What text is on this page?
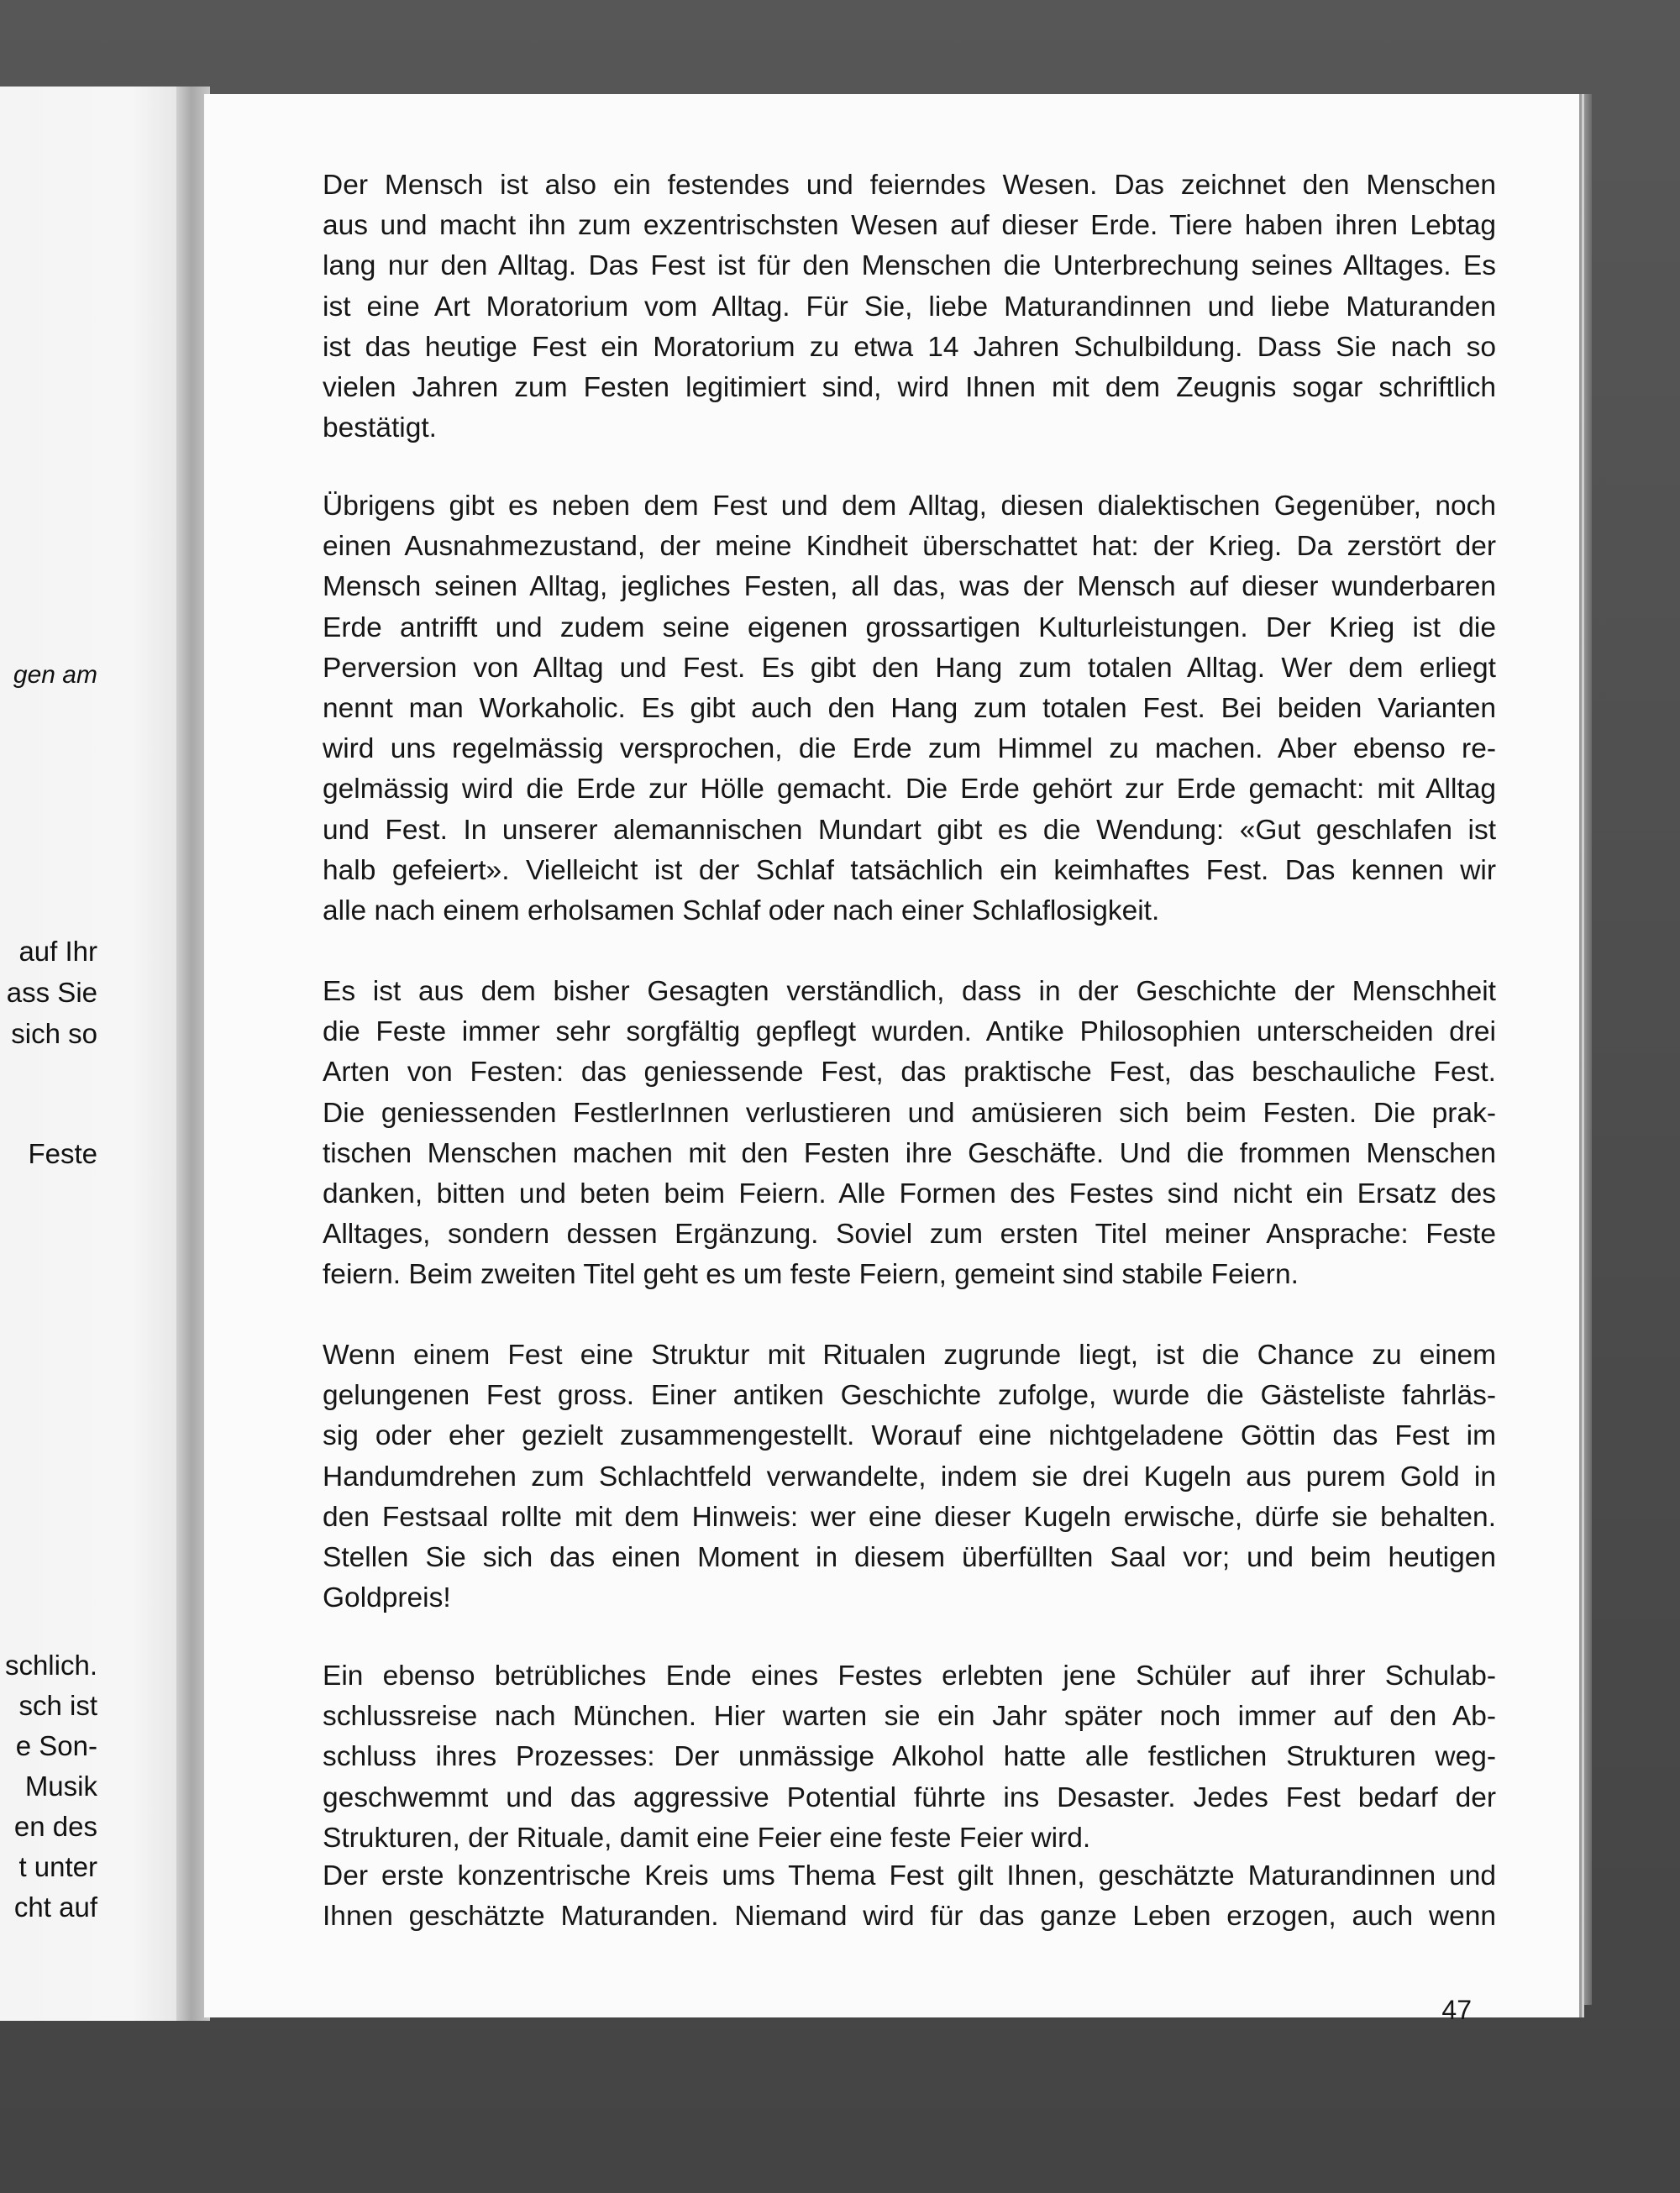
gen am
auf Ihr
ass Sie
sich so
Feste
schlich.
sch ist
e Son-
Musik
en des
t unter
cht auf
Der Mensch ist also ein festendes und feierndes Wesen. Das zeichnet den Menschen
aus und macht ihn zum exzentrischsten Wesen auf dieser Erde. Tiere haben ihren Lebtag
lang nur den Alltag. Das Fest ist für den Menschen die Unterbrechung seines Alltages. Es
ist eine Art Moratorium vom Alltag. Für Sie, liebe Maturandinnen und liebe Maturanden
ist das heutige Fest ein Moratorium zu etwa 14 Jahren Schulbildung. Dass Sie nach so
vielen Jahren zum Festen legitimiert sind, wird Ihnen mit dem Zeugnis sogar schriftlich
bestätigt.
Übrigens gibt es neben dem Fest und dem Alltag, diesen dialektischen Gegenüber, noch
einen Ausnahmezustand, der meine Kindheit überschattet hat: der Krieg. Da zerstört der
Mensch seinen Alltag, jegliches Festen, all das, was der Mensch auf dieser wunderbaren
Erde antrifft und zudem seine eigenen grossartigen Kulturleistungen. Der Krieg ist die
Perversion von Alltag und Fest. Es gibt den Hang zum totalen Alltag. Wer dem erliegt
nennt man Workaholic. Es gibt auch den Hang zum totalen Fest. Bei beiden Varianten
wird uns regelmässig versprochen, die Erde zum Himmel zu machen. Aber ebenso re-
gelmässig wird die Erde zur Hölle gemacht. Die Erde gehört zur Erde gemacht: mit Alltag
und Fest. In unserer alemannischen Mundart gibt es die Wendung: «Gut geschlafen ist
halb gefeiert». Vielleicht ist der Schlaf tatsächlich ein keimhaftes Fest. Das kennen wir
alle nach einem erholsamen Schlaf oder nach einer Schlaflosigkeit.
Es ist aus dem bisher Gesagten verständlich, dass in der Geschichte der Menschheit
die Feste immer sehr sorgfältig gepflegt wurden. Antike Philosophien unterscheiden drei
Arten von Festen: das geniessende Fest, das praktische Fest, das beschauliche Fest.
Die geniessenden FestlerInnen verlustieren und amüsieren sich beim Festen. Die prak-
tischen Menschen machen mit den Festen ihre Geschäfte. Und die frommen Menschen
danken, bitten und beten beim Feiern. Alle Formen des Festes sind nicht ein Ersatz des
Alltages, sondern dessen Ergänzung. Soviel zum ersten Titel meiner Ansprache: Feste
feiern. Beim zweiten Titel geht es um feste Feiern, gemeint sind stabile Feiern.
Wenn einem Fest eine Struktur mit Ritualen zugrunde liegt, ist die Chance zu einem
gelungenen Fest gross. Einer antiken Geschichte zufolge, wurde die Gästeliste fahrläs-
sig oder eher gezielt zusammengestellt. Worauf eine nichtgeladene Göttin das Fest im
Handumdrehen zum Schlachtfeld verwandelte, indem sie drei Kugeln aus purem Gold in
den Festsaal rollte mit dem Hinweis: wer eine dieser Kugeln erwische, dürfe sie behalten.
Stellen Sie sich das einen Moment in diesem überfüllten Saal vor; und beim heutigen
Goldpreis!
Ein ebenso betrübliches Ende eines Festes erlebten jene Schüler auf ihrer Schulab-
schlussreise nach München. Hier warten sie ein Jahr später noch immer auf den Ab-
schluss ihres Prozesses: Der unmässige Alkohol hatte alle festlichen Strukturen weg-
geschwemmt und das aggressive Potential führte ins Desaster. Jedes Fest bedarf der
Strukturen, der Rituale, damit eine Feier eine feste Feier wird.
Der erste konzentrische Kreis ums Thema Fest gilt Ihnen, geschätzte Maturandinnen und
Ihnen geschätzte Maturanden. Niemand wird für das ganze Leben erzogen, auch wenn
47
